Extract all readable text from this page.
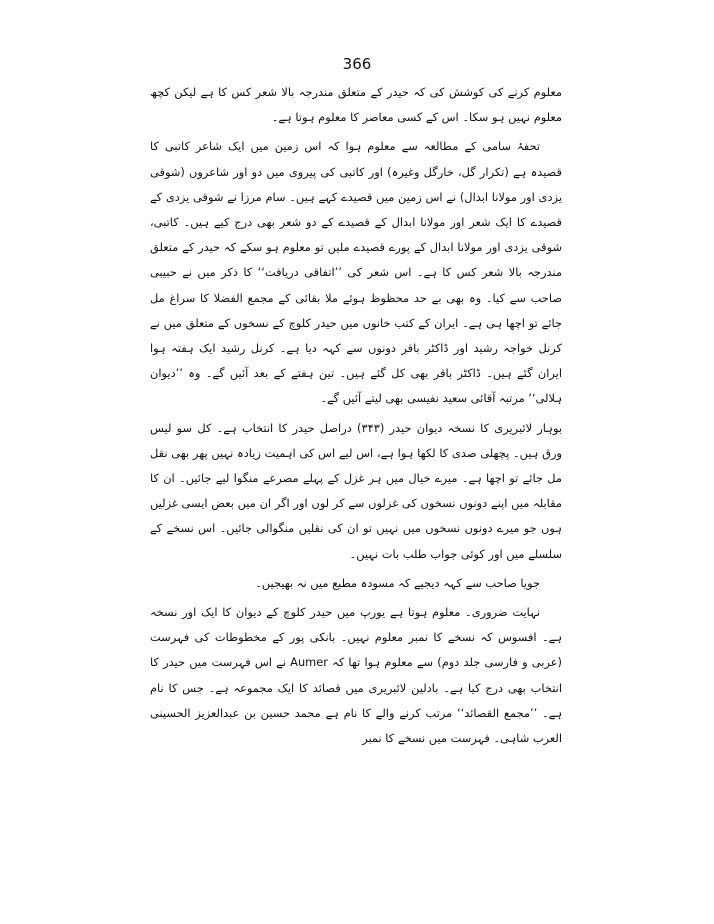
366

معلوم کرنے کی کوشش کی کہ حیدر کے متعلق مندرجہ بالا شعر کس کا ہے لیکن کچھ معلوم نہیں ہو سکا۔ اس کے کسی معاصر کا معلوم ہوتا ہے۔

تحفۂ سامی کے مطالعہ سے معلوم ہوا کہ اس زمین میں ایک شاعر کاتبی کا قصیدہ ہے (تکرار گل، خارگل وغیرہ) اور کاتبی کی پیروی میں دو اور شاعروں (شوقی یزدی اور مولانا ابدال) نے اس زمین میں قصیدے کہے ہیں۔ سام مرزا نے شوقی یزدی کے قصیدے کا ایک شعر اور مولانا ابدال کے قصیدے کے دو شعر بھی درج کیے ہیں۔ کاتبی، شوقی یزدی اور مولانا ابدال کے پورے قصیدے ملیں تو معلوم ہو سکے کہ حیدر کے متعلق مندرجہ بالا شعر کس کا ہے۔ اس شعر کی ’’اتفاقی دریافت‘‘ کا ذکر میں نے حبیبی صاحب سے کیا۔ وہ بھی بے حد محظوظ ہوئے ملا بقائی کے مجمع الفضلا کا سراغ مل جائے تو اچھا ہی ہے۔ ایران کے کتب خانوں میں حیدر کلوچ کے نسخوں کے متعلق میں نے کرنل خواجہ رشید اور ڈاکٹر باقر دونوں سے کہہ دیا ہے۔ کرنل رشید ایک ہفتہ ہوا ایران گئے ہیں۔ ڈاکٹر باقر بھی کل گئے ہیں۔ تین ہفتے کے بعد آئیں گے۔ وہ ’’دیوان ہلالی‘‘ مرتبہ آقائی سعید نفیسی بھی لیتے آئیں گے۔

بوہار لائبریری کا نسخہ دیوان حیدر (۳۴۳) دراصل حیدر کا انتخاب ہے۔ کل سو لیس ورق ہیں۔ پچھلی صدی کا لکھا ہوا ہے، اس لیے اس کی اہمیت زیادہ نہیں پھر بھی نقل مل جائے تو اچھا ہے۔ میرے خیال میں ہر غزل کے پہلے مصرعے منگوا لیے جائیں۔ ان کا مقابلہ میں اپنے دونوں نسخوں کی غزلوں سے کر لوں اور اگر ان میں بعض ایسی غزلیں ہوں جو میرے دونوں نسخوں میں نہیں تو ان کی نقلیں منگوالی جائیں۔ اس نسخے کے سلسلے میں اور کوئی جواب طلب بات نہیں۔

جویا صاحب سے کہہ دیجیے کہ مسودہ مطبع میں نہ بھیجیں۔

نہایت ضروری۔ معلوم ہوتا ہے یورپ میں حیدر کلوچ کے دیوان کا ایک اور نسخہ ہے۔ افسوس کہ نسخے کا نمبر معلوم نہیں۔ بانکی پور کے مخطوطات کی فہرست (عربی و فارسی جلد دوم) سے معلوم ہوا تھا کہ Aumer نے اس فہرست میں حیدر کا انتخاب بھی درج کیا ہے۔ بادلین لائبریری میں قصائد کا ایک مجموعہ ہے۔ جس کا نام ہے۔ ’’مجمع القصائد‘‘ مرتب کرنے والے کا نام ہے محمد حسین بن عبدالعزیز الحسینی العرب شاہی۔ فہرست میں نسخے کا نمبر
